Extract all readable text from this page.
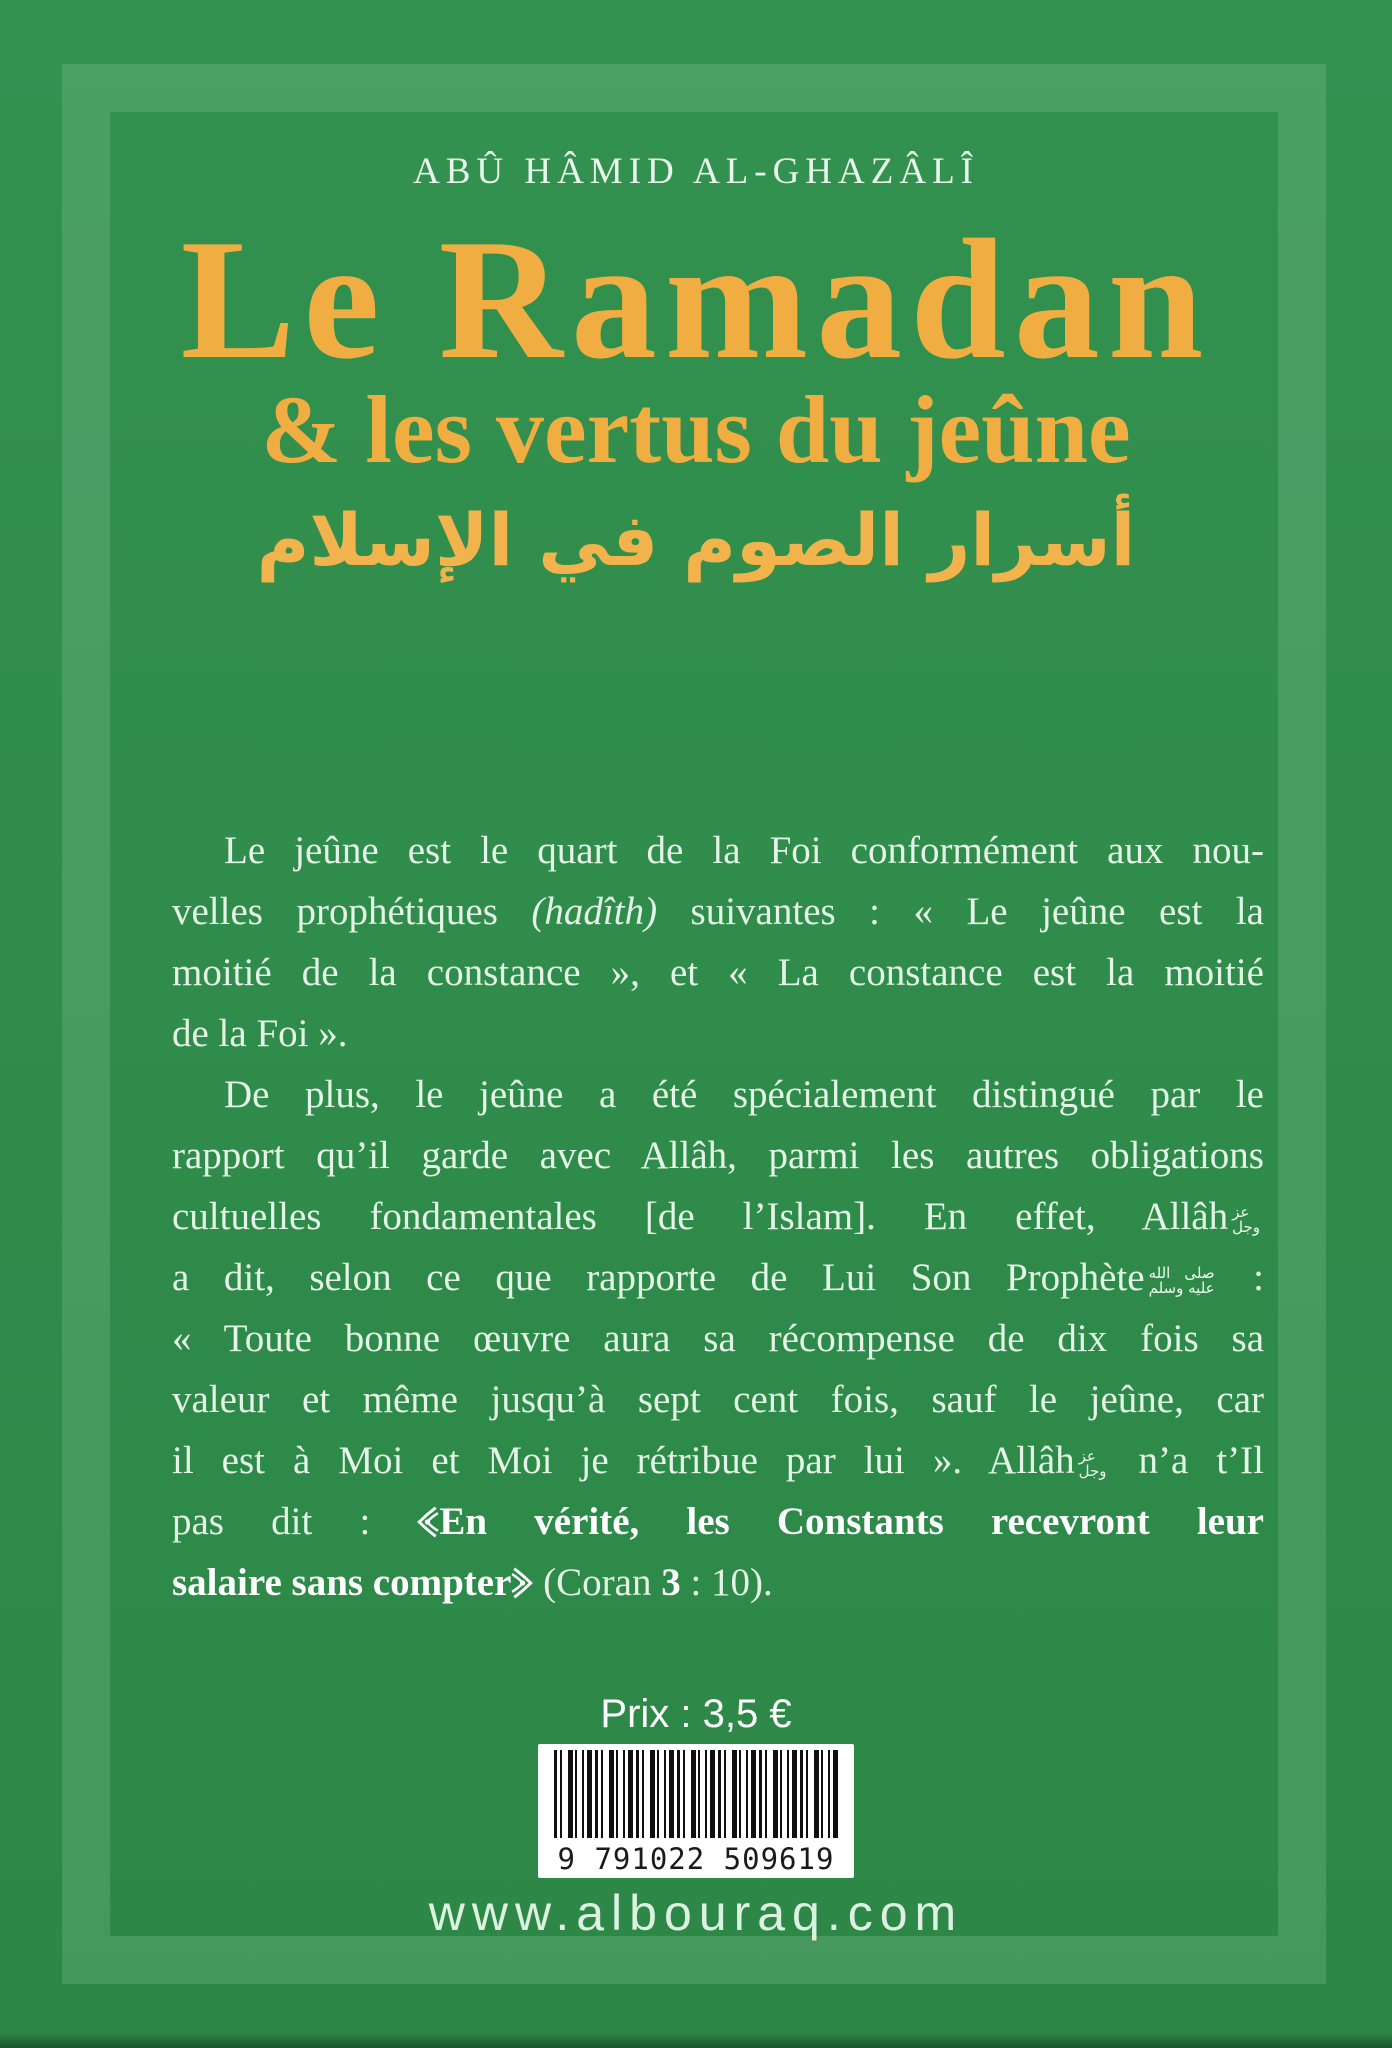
ABÛ HÂMID AL-GHAZÂLÎ
Le Ramadan
& les vertus du jeûne
أسرار الصوم في الإسلام
Le jeûne est le quart de la Foi conformément aux nou-
velles prophétiques (hadîth) suivantes : « Le jeûne est la
moitié de la constance », et « La constance est la moitié
de la Foi ».
De plus, le jeûne a été spécialement distingué par le
rapport qu’il garde avec Allâh, parmi les autres obligations
cultuelles fondamentales [de l’Islam]. En effet, Allâh عز
وجل
a dit, selon ce que rapporte de Lui Son Prophète صلى الله
عليه وسلم :
« Toute bonne œuvre aura sa récompense de dix fois sa
valeur et même jusqu’à sept cent fois, sauf le jeûne, car
il est à Moi et Moi je rétribue par lui ». Allâh عز
وجل n’a t’Il
pas dit : En vérité, les Constants recevront leur
salaire sans compter (Coran 3 : 10).
Prix : 3,5 €
9 791022 509619
www.albouraq.com
